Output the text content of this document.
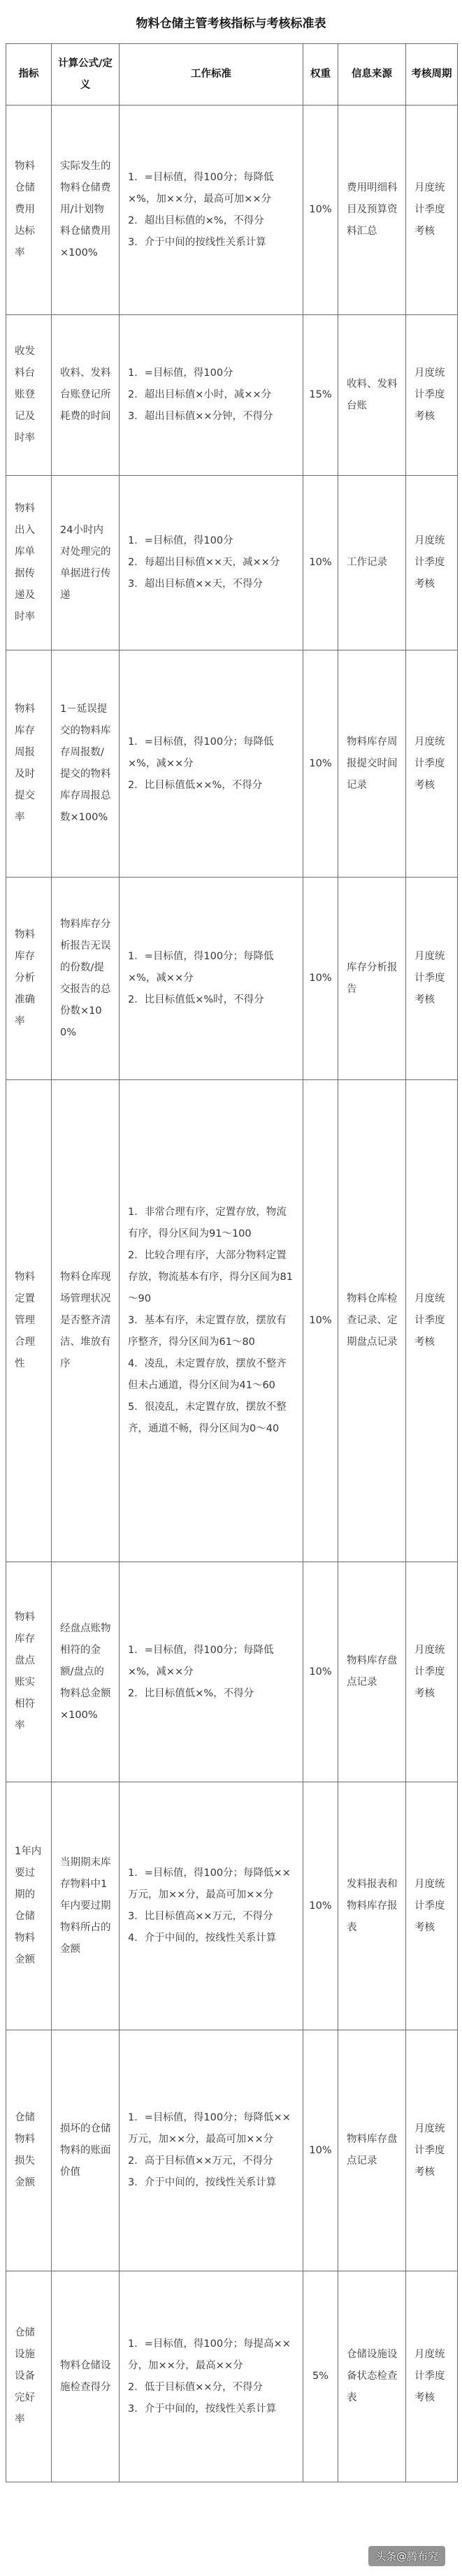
物料仓储主管考核指标与考核标准表
指标	计算公式/定义	工作标准	权重	信息来源	考核周期
物料仓储费用达标率	实际发生的物料仓储费用/计划物料仓储费用×100%	1．=目标值，得100分；每降低×%，加××分，最高可加××分
2．超出目标值的×%，不得分
3．介于中间的按线性关系计算	10%	费用明细科目及预算资料汇总	月度统计季度考核
收发料台账登记及时率	收料、发料台账登记所耗费的时间	1．=目标值，得100分
2．超出目标值×小时，减××分
3．超出目标值××分钟，不得分	15%	收料、发料台账	月度统计季度考核
物料出入库单据传递及时率	24小时内对处理完的单据进行传递	1．=目标值，得100分
2．每超出目标值××天，减××分
3．超出目标值××天，不得分	10%	工作记录	月度统计季度考核
物料库存周报及时提交率	1－延误提交的物料库存周报数/提交的物料库存周报总数×100%	1．=目标值，得100分；每降低×%，减××分
2．比目标值低××%，不得分	10%	物料库存周报提交时间记录	月度统计季度考核
物料库存分析准确率	物料库存分析报告无误的份数/提交报告的总份数×100%	1．=目标值，得100分；每降低×%，减××分
2．比目标值低×%时，不得分	10%	库存分析报告	月度统计季度考核
物料定置管理合理性	物料仓库现场管理状况是否整齐清洁、堆放有序	1．非常合理有序，定置存放，物流有序，得分区间为91～100
2．比较合理有序，大部分物料定置存放，物流基本有序，得分区间为81～90
3．基本有序，未定置存放，摆放有序整齐，得分区间为61～80
4．凌乱，未定置存放，摆放不整齐但未占通道，得分区间为41～60
5．很凌乱，未定置存放，摆放不整齐，通道不畅，得分区间为0～40	10%	物料仓库检查记录、定期盘点记录	月度统计季度考核
物料库存盘点账实相符率	经盘点账物相符的金额/盘点的物料总金额×100%	1．=目标值，得100分；每降低×%，减××分
2．比目标值低×%，不得分	10%	物料库存盘点记录	月度统计季度考核
1年内要过期的仓储物料金额	当期期末库存物料中1年内要过期物料所占的金额	1．=目标值，得100分；每降低××万元，加××分，最高可加××分
3．比目标值高××万元，不得分
4．介于中间的，按线性关系计算	10%	发料报表和物料库存报表	月度统计季度考核
仓储物料损失金额	损坏的仓储物料的账面价值	1．=目标值，得100分；每降低××万元，加××分，最高可加××分
2．高于目标值××万元，不得分
3．介于中间的，按线性关系计算	10%	物料库存盘点记录	月度统计季度考核
仓储设施设备完好率	物料仓储设施检查得分	1．=目标值，得100分；每提高××分，加××分，最高××分
2．低于目标值××分，不得分
3．介于中间的，按线性关系计算	5%	仓储设施设备状态检查表	月度统计季度考核
头条@腾布究
